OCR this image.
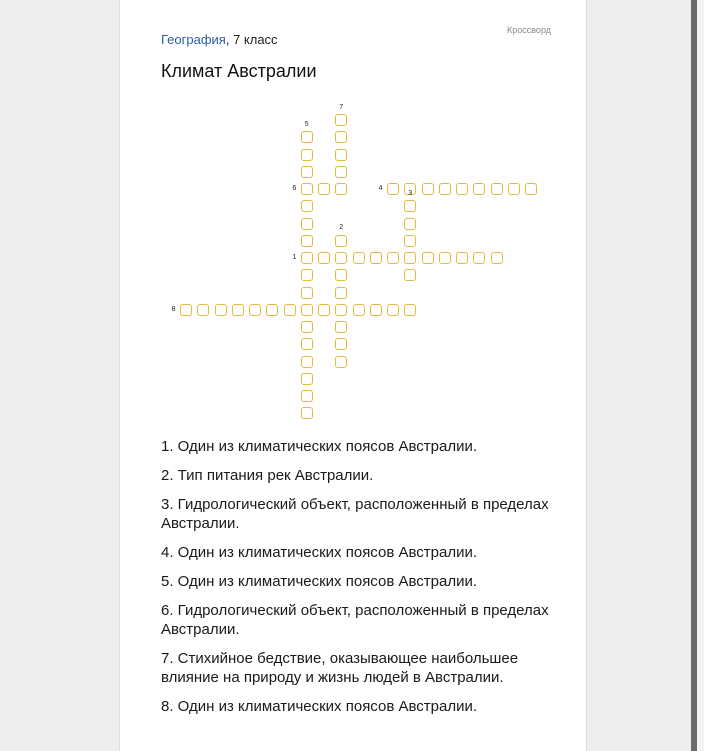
География, 7 класс
Кроссворд
Климат Австралии
1
2
3
4
5
6
7
8
1. Один из климатических поясов Австралии.
2. Тип питания рек Австралии.
3. Гидрологический объект, расположенный в пределах Австралии.
4. Один из климатических поясов Австралии.
5. Один из климатических поясов Австралии.
6. Гидрологический объект, расположенный в пределах Австралии.
7. Стихийное бедствие, оказывающее наибольшее влияние на природу и жизнь людей в Австралии.
8. Один из климатических поясов Австралии.
